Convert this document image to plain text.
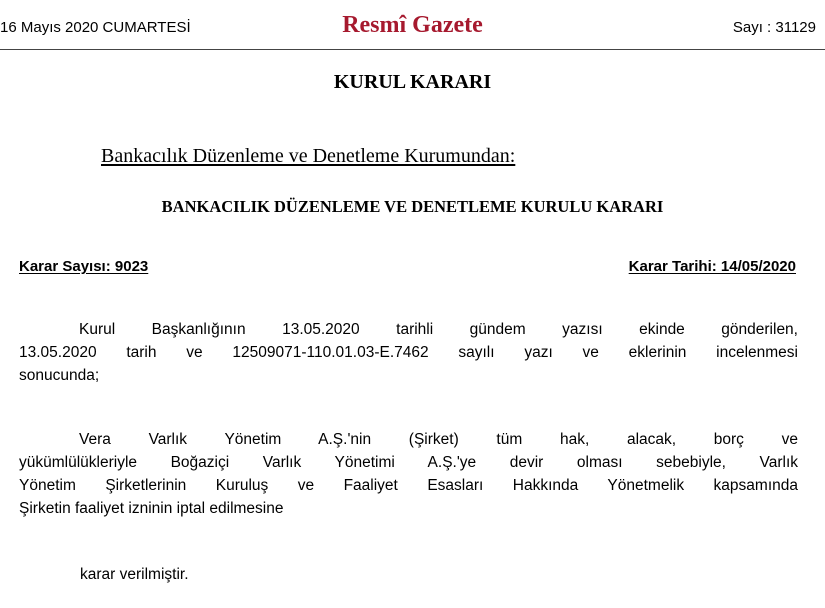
16 Mayıs 2020 CUMARTESİ	Resmî Gazete	Sayı : 31129
KURUL KARARI
Bankacılık Düzenleme ve Denetleme Kurumundan:
BANKACILIK DÜZENLEME VE DENETLEME KURULU KARARI
Karar Sayısı: 9023	Karar Tarihi: 14/05/2020
Kurul Başkanlığının 13.05.2020 tarihli gündem yazısı ekinde gönderilen,
13.05.2020 tarih ve 12509071-110.01.03-E.7462 sayılı yazı ve eklerinin incelenmesi
sonucunda;
Vera Varlık Yönetim A.Ş.'nin (Şirket) tüm hak, alacak, borç ve
yükümlülükleriyle Boğaziçi Varlık Yönetimi A.Ş.'ye devir olması sebebiyle, Varlık
Yönetim Şirketlerinin Kuruluş ve Faaliyet Esasları Hakkında Yönetmelik kapsamında
Şirketin faaliyet izninin iptal edilmesine
karar verilmiştir.
